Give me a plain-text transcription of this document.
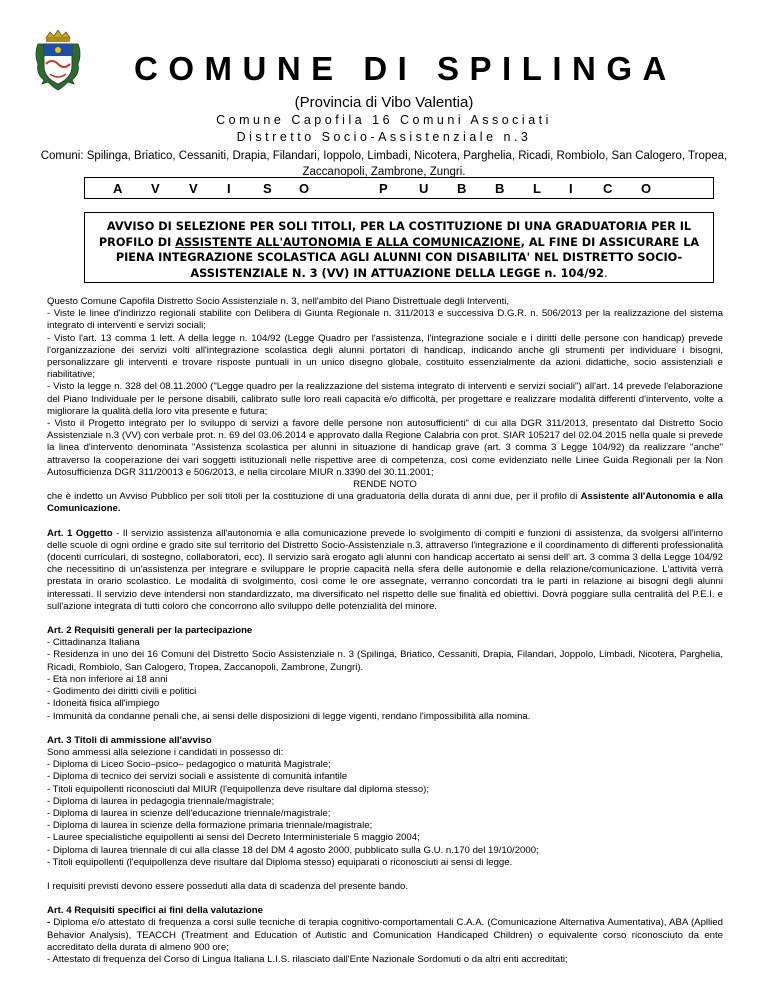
COMUNE DI SPILINGA
(Provincia di Vibo Valentia)
Comune Capofila 16 Comuni Associati
Distretto Socio-Assistenziale n.3
Comuni: Spilinga, Briatico, Cessaniti, Drapia, Filandari, Ioppolo, Limbadi, Nicotera, Parghelia, Ricadi, Rombiolo, San Calogero, Tropea, Zaccanopoli, Zambrone, Zungri.
A V V I S O	P U B B L I C O
AVVISO DI SELEZIONE PER SOLI TITOLI, PER LA COSTITUZIONE DI UNA GRADUATORIA PER IL PROFILO DI ASSISTENTE ALL'AUTONOMIA E ALLA COMUNICAZIONE, AL FINE DI ASSICURARE LA PIENA INTEGRAZIONE SCOLASTICA AGLI ALUNNI CON DISABILITA' NEL DISTRETTO SOCIO-ASSISTENZIALE N. 3 (VV) IN ATTUAZIONE DELLA LEGGE n. 104/92.

Questo Comune Capofila Distretto Socio Assistenziale n. 3, nell'ambito del Piano Distrettuale degli Interventi,

- Viste le linee d'indirizzo regionali stabilite con Delibera di Giunta Regionale n. 311/2013 e successiva D.G.R. n. 506/2013 per la realizzazione del sistema integrato di interventi e servizi sociali;

- Visto l'art. 13 comma 1 lett. A della legge n. 104/92 (Legge Quadro per l'assistenza, l'integrazione sociale e i diritti delle persone con handicap) prevede l'organizzazione dei servizi volti all'integrazione scolastica degli alunni portatori di handicap, indicando anche gli strumenti per individuare i bisogni, personalizzare gli interventi e trovare risposte puntuali in un unico disegno globale, costituito essenzialmente da azioni didattiche, socio assistenziali e riabilitative;

- Visto la legge n. 328 del 08.11.2000 ("Legge quadro per la realizzazione del sistema integrato di interventi e servizi sociali") all'art. 14 prevede l'elaborazione del Piano Individuale per le persone disabili, calibrato sulle loro reali capacità e/o difficoltà, per progettare e realizzare modalità differenti d'intervento, volte a migliorare la qualità della loro vita presente e futura;

- Visto il Progetto integrato per lo sviluppo di servizi a favore delle persone non autosufficienti" di cui alla DGR 311/2013, presentato dal Distretto Socio Assistenziale n.3 (VV) con verbale prot. n. 69 del 03.06.2014 e approvato dalla Regione Calabria con prot. SIAR 105217 del 02.04.2015 nella quale si prevede la linea d'intervento denominata "Assistenza scolastica per alunni in situazione di handicap grave (art. 3 comma 3 Legge 104/92) da realizzare "anche" attraverso la cooperazione dei vari soggetti istituzionali nelle rispettive aree di competenza, così come evidenziato nelle Linee Guida Regionali per la Non Autosufficienza DGR 311/20013 e 506/2013, e nella circolare MIUR n.3390 del 30.11.2001;

RENDE NOTO

che è indetto un Avviso Pubblico per soli titoli per la costituzione di una graduatoria della durata di anni due, per il profilo di Assistente all'Autonomia e alla Comunicazione.

Art. 1 Oggetto - Il servizio assistenza all'autonomia e alla comunicazione prevede lo svolgimento di compiti e funzioni di assistenza, da svolgersi all'interno delle scuole di ogni ordine e grado site sul territorio del Distretto Socio-Assistenziale n.3, attraverso l'integrazione e il coordinamento di differenti professionalità (docenti curriculari, di sostegno, collaboratori, ecc). Il servizio sarà erogato agli alunni con handicap accertato ai sensi dell' art. 3 comma 3 della Legge 104/92 che necessitino di un'assistenza per integrare e sviluppare le proprie capacità nella sfera delle autonomie e della relazione/comunicazione. L'attività verrà prestata in orario scolastico. Le modalità di svolgimento, così come le ore assegnate, verranno concordati tra le parti in relazione ai bisogni degli alunni interessati. Il servizio deve intendersi non standardizzato, ma diversificato nel rispetto delle sue finalità ed obiettivi. Dovrà poggiare sulla centralità del P.E.I. e sull'azione integrata di tutti coloro che concorrono allo sviluppo delle potenzialità del minore.

Art. 2 Requisiti generali per la partecipazione

- Cittadinanza Italiana

- Residenza in uno dei 16 Comuni del Distretto Socio Assistenziale n. 3 (Spilinga, Briatico, Cessaniti, Drapia, Filandari, Joppolo, Limbadi, Nicotera, Parghelia, Ricadi, Rombiolo, San Calogero, Tropea, Zaccanopoli, Zambrone, Zungri).

- Età non inferiore ai 18 anni

- Godimento dei diritti civili e politici

- Idoneità fisica all'impiego

- Immunità da condanne penali che, ai sensi delle disposizioni di legge vigenti, rendano l'impossibilità alla nomina.

Art. 3 Titoli di ammissione all'avviso

Sono ammessi alla selezione i candidati in possesso di:

- Diploma di Liceo Socio–psico– pedagogico o maturità Magistrale;

- Diploma di tecnico dei servizi sociali e assistente di comunità infantile

- Titoli equipollenti riconosciuti dal MIUR (l'equipollenza deve risultare dal diploma stesso);

- Diploma di laurea in pedagogia triennale/magistrale;

- Diploma di laurea in scienze dell'educazione triennale/magistrale;

- Diploma di laurea in scienze della formazione primaria triennale/magistrale;

- Lauree specialistiche equipollenti ai sensi del Decreto Interministeriale 5 maggio 2004;

- Diploma di laurea triennale di cui alla classe 18 del DM 4 agosto 2000, pubblicato sulla G.U. n.170 del 19/10/2000;

- Titoli equipollenti (l'equipollenza deve risultare dal Diploma stesso) equiparati o riconosciuti ai sensi di legge.

I requisiti previsti devono essere posseduti alla data di scadenza del presente bando.

Art. 4 Requisiti specifici ai fini della valutazione

- Diploma e/o attestato di frequenza a corsi sulle tecniche di terapia cognitivo-comportamentali C.A.A. (Comunicazione Alternativa Aumentativa), ABA (Apllied Behavior Analysis), TEACCH (Treatment and Education of Autistic and Comunication Handicaped Children) o equivalente corso riconosciuto da ente accreditato della durata di almeno 900 ore;

- Attestato di frequenza del Corso di Lingua Italiana L.I.S. rilasciato dall'Ente Nazionale Sordomuti o da altri enti accreditati;
